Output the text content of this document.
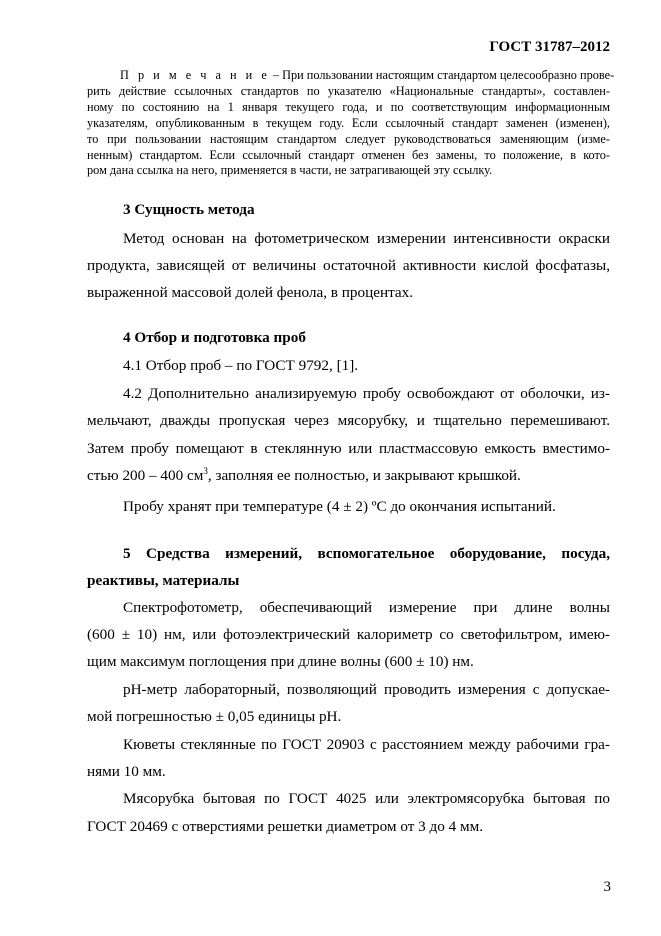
ГОСТ 31787–2012
П р и м е ч а н и е – При пользовании настоящим стандартом целесообразно прове-
рить действие ссылочных стандартов по указателю «Национальные стандарты», составлен-
ному по состоянию на 1 января текущего года, и по соответствующим информационным
указателям, опубликованным в текущем году. Если ссылочный стандарт заменен (изменен),
то при пользовании настоящим стандартом следует руководствоваться заменяющим (изме-
ненным) стандартом. Если ссылочный стандарт отменен без замены, то положение, в кото-
ром дана ссылка на него, применяется в части, не затрагивающей эту ссылку.
3 Сущность метода
Метод основан на фотометрическом измерении интенсивности окраски
продукта, зависящей от величины остаточной активности кислой фосфатазы,
выраженной массовой долей фенола, в процентах.
4 Отбор и подготовка проб
4.1 Отбор проб – по ГОСТ 9792, [1].
4.2 Дополнительно анализируемую пробу освобождают от оболочки, из-
мельчают, дважды пропуская через мясорубку, и тщательно перемешивают.
Затем пробу помещают в стеклянную или пластмассовую емкость вместимо-
стью 200 – 400 $см^3$, заполняя ее полностью, и закрывают крышкой.
Пробу хранят при температуре (4 ± 2) ºC до окончания испытаний.
5 Средства измерений, вспомогательное оборудование, посуда,
реактивы, материалы
Спектрофотометр, обеспечивающий измерение при длине волны
(600 ± 10) нм, или фотоэлектрический калориметр со светофильтром, имею-
щим максимум поглощения при длине волны (600 ± 10) нм.
рН-метр лабораторный, позволяющий проводить измерения с допускае-
мой погрешностью ± 0,05 единицы рН.
Кюветы стеклянные по ГОСТ 20903 с расстоянием между рабочими гра-
нями 10 мм.
Мясорубка бытовая по ГОСТ 4025 или электромясорубка бытовая по
ГОСТ 20469 с отверстиями решетки диаметром от 3 до 4 мм.
3
